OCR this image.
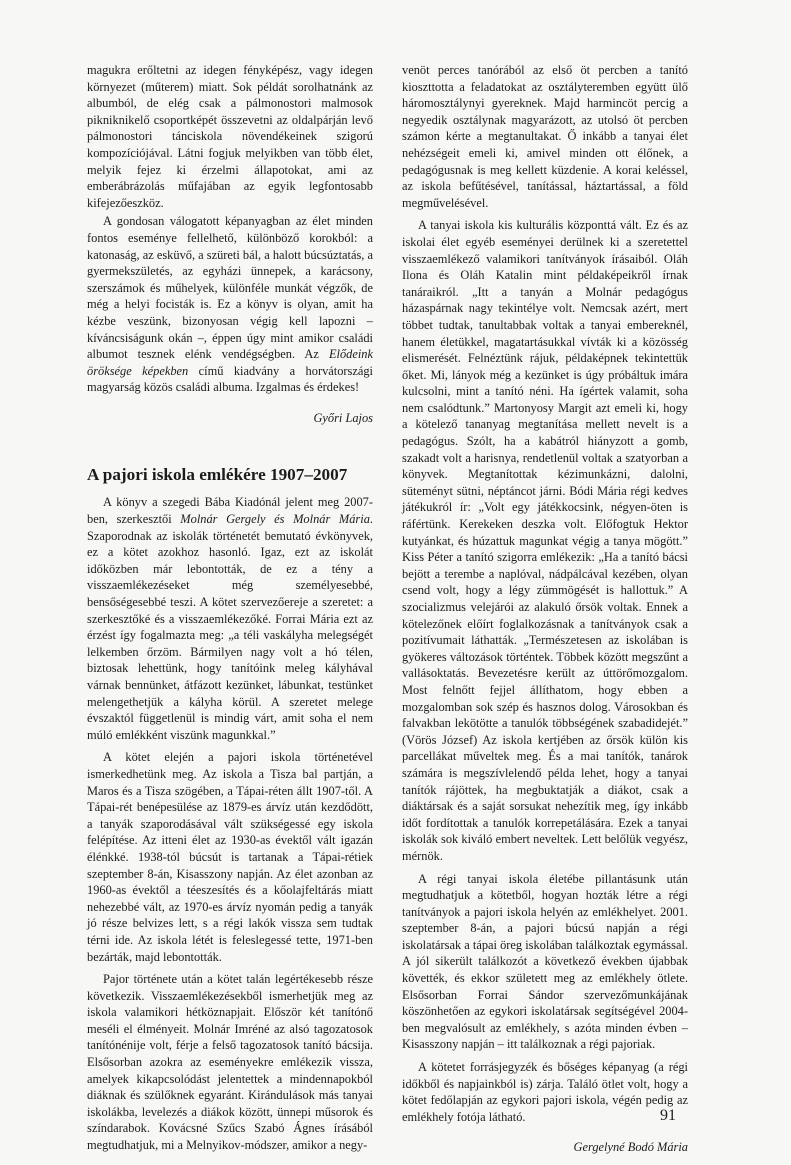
magukra erőltetni az idegen fényképész, vagy idegen környezet (műterem) miatt. Sok példát sorolhatnánk az albumból, de elég csak a pálmonostori malmosok pikniknikelő csoportképét összevetni az oldalpárján levő pálmonostori tánciskola növendékeinek szigorú kompozíciójával. Látni fogjuk melyikben van több élet, melyik fejez ki érzelmi állapotokat, ami az emberábrázolás műfajában az egyik legfontosabb kifejezőeszköz.

A gondosan válogatott képanyagban az élet minden fontos eseménye fellelhető, különböző korokból: a katonaság, az esküvő, a szüreti bál, a halott búcsúztatás, a gyermekszületés, az egyházi ünnepek, a karácsony, szerszámok és műhelyek, különféle munkát végzők, de még a helyi focisták is. Ez a könyv is olyan, amit ha kézbe veszünk, bizonyosan végig kell lapozni – kíváncsiságunk okán –, éppen úgy mint amikor családi albumot tesznek elénk vendégségben. Az Elődeink öröksége képekben című kiadvány a horvátországi magyarság közös családi albuma. Izgalmas és érdekes!

Győri Lajos

A pajori iskola emlékére 1907–2007

A könyv a szegedi Bába Kiadónál jelent meg 2007-ben, szerkesztői Molnár Gergely és Molnár Mária. Szaporodnak az iskolák történetét bemutató évkönyvek, ez a kötet azokhoz hasonló. Igaz, ezt az iskolát időközben már lebontották, de ez a tény a visszaemlékezéseket még személyesebbé, bensőségesebbé teszi. A kötet szervezőereje a szeretet: a szerkesztőké és a visszaemlékezőké. Forrai Mária ezt az érzést így fogalmazta meg: „a téli vaskályha melegségét lelkemben őrzöm. Bármilyen nagy volt a hó télen, biztosak lehettünk, hogy tanítóink meleg kályhával várnak bennünket, átfázott kezünket, lábunkat, testünket melengethetjük a kályha körül. A szeretet melege évszaktól függetlenül is mindig várt, amit soha el nem múló emlékként viszünk magunkkal.”

A kötet elején a pajori iskola történetével ismerkedhetünk meg. Az iskola a Tisza bal partján, a Maros és a Tisza szögében, a Tápai-réten állt 1907-től. A Tápai-rét benépesülése az 1879-es árvíz után kezdődött, a tanyák szaporodásával vált szükségessé egy iskola felépítése. Az itteni élet az 1930-as évektől vált igazán élénkké. 1938-tól búcsút is tartanak a Tápai-rétiek szeptember 8-án, Kisasszony napján. Az élet azonban az 1960-as évektől a téeszesítés és a kőolajfeltárás miatt nehezebbé vált, az 1970-es árvíz nyomán pedig a tanyák jó része belvizes lett, s a régi lakók vissza sem tudtak térni ide. Az iskola létét is feleslegessé tette, 1971-ben bezárták, majd lebontották.

Pajor története után a kötet talán legértékesebb része következik. Visszaemlékezésekből ismerhetjük meg az iskola valamikori hétköznapjait. Először két tanítónő meséli el élményeit. Molnár Imréné az alsó tagozatosok tanítónénije volt, férje a felső tagozatosok tanító bácsija. Elsősorban azokra az eseményekre emlékezik vissza, amelyek kikapcsolódást jelentettek a mindennapokból diáknak és szülőknek egyaránt. Kirándulások más tanyai iskolákba, levelezés a diákok között, ünnepi műsorok és színdarabok. Kovácsné Szűcs Szabó Ágnes írásából megtudhatjuk, mi a Melnyikov-módszer, amikor a negy-

venöt perces tanórából az első öt percben a tanító kioszttotta a feladatokat az osztályteremben együtt ülő háromosztálynyi gyereknek. Majd harmincöt percig a negyedik osztálynak magyarázott, az utolsó öt percben számon kérte a megtanultakat. Ő inkább a tanyai élet nehézségeit emeli ki, amivel minden ott élőnek, a pedagógusnak is meg kellett küzdenie. A korai keléssel, az iskola befűtésével, tanítással, háztartással, a föld megművelésével.

A tanyai iskola kis kulturális központtá vált. Ez és az iskolai élet egyéb eseményei derülnek ki a szeretettel visszaemlékező valamikori tanítványok írásaiból. Oláh Ilona és Oláh Katalin mint példaképeikről írnak tanáraikról. „Itt a tanyán a Molnár pedagógus házaspárnak nagy tekintélye volt. Nemcsak azért, mert többet tudtak, tanultabbak voltak a tanyai embereknél, hanem életükkel, magatartásukkal vívták ki a közösség elismerését. Felnéztünk rájuk, példaképnek tekintettük őket. Mi, lányok még a kezünket is úgy próbáltuk imára kulcsolni, mint a tanító néni. Ha ígértek valamit, soha nem csalódtunk.” Martonyosy Margit azt emeli ki, hogy a kötelező tananyag megtanítása mellett nevelt is a pedagógus. Szólt, ha a kabátról hiányzott a gomb, szakadt volt a harisnya, rendetlenül voltak a szatyorban a könyvek. Megtanítottak kézimunkázni, dalolni, süteményt sütni, néptáncot járni. Bódi Mária régi kedves játékukról ír: „Volt egy játékkocsink, négyen-öten is ráfértünk. Kerekeken deszka volt. Előfogtuk Hektor kutyánkat, és húzattuk magunkat végig a tanya mögött.” Kiss Péter a tanító szigorra emlékezik: „Ha a tanító bácsi bejött a terembe a naplóval, nádpálcával kezében, olyan csend volt, hogy a légy zümmögését is hallottuk.” A szocializmus velejárói az alakuló őrsök voltak. Ennek a kötelezőnek előírt foglalkozásnak a tanítványok csak a pozitívumait láthatták. „Természetesen az iskolában is gyökeres változások történtek. Többek között megszűnt a vallásoktatás. Bevezetésre került az úttörőmozgalom. Most felnőtt fejjel állíthatom, hogy ebben a mozgalomban sok szép és hasznos dolog. Városokban és falvakban lekötötte a tanulók többségének szabadidejét.” (Vörös József) Az iskola kertjében az őrsök külön kis parcellákat műveltek meg. És a mai tanítók, tanárok számára is megszívlelendő példa lehet, hogy a tanyai tanítók rájöttek, ha megbuktatják a diákot, csak a diáktársak és a saját sorsukat nehezítik meg, így inkább időt fordítottak a tanulók korrepetálására. Ezek a tanyai iskolák sok kiváló embert neveltek. Lett belőlük vegyész, mérnök.

A régi tanyai iskola életébe pillantásunk után megtudhatjuk a kötetből, hogyan hozták létre a régi tanítványok a pajori iskola helyén az emlékhelyet. 2001. szeptember 8-án, a pajori búcsú napján a régi iskolatársak a tápai öreg iskolában találkoztak egymással. A jól sikerült találkozót a következő években újabbak követték, és ekkor született meg az emlékhely ötlete. Elsősorban Forrai Sándor szervezőmunkájának köszönhetően az egykori iskolatársak segítségével 2004-ben megvalósult az emlékhely, s azóta minden évben – Kisasszony napján – itt találkoznak a régi pajoriak.

A kötetet forrásjegyzék és bőséges képanyag (a régi időkből és napjainkból is) zárja. Találó ötlet volt, hogy a kötet fedőlapján az egykori pajori iskola, végén pedig az emlékhely fotója látható.

Gergelyné Bodó Mária

91
